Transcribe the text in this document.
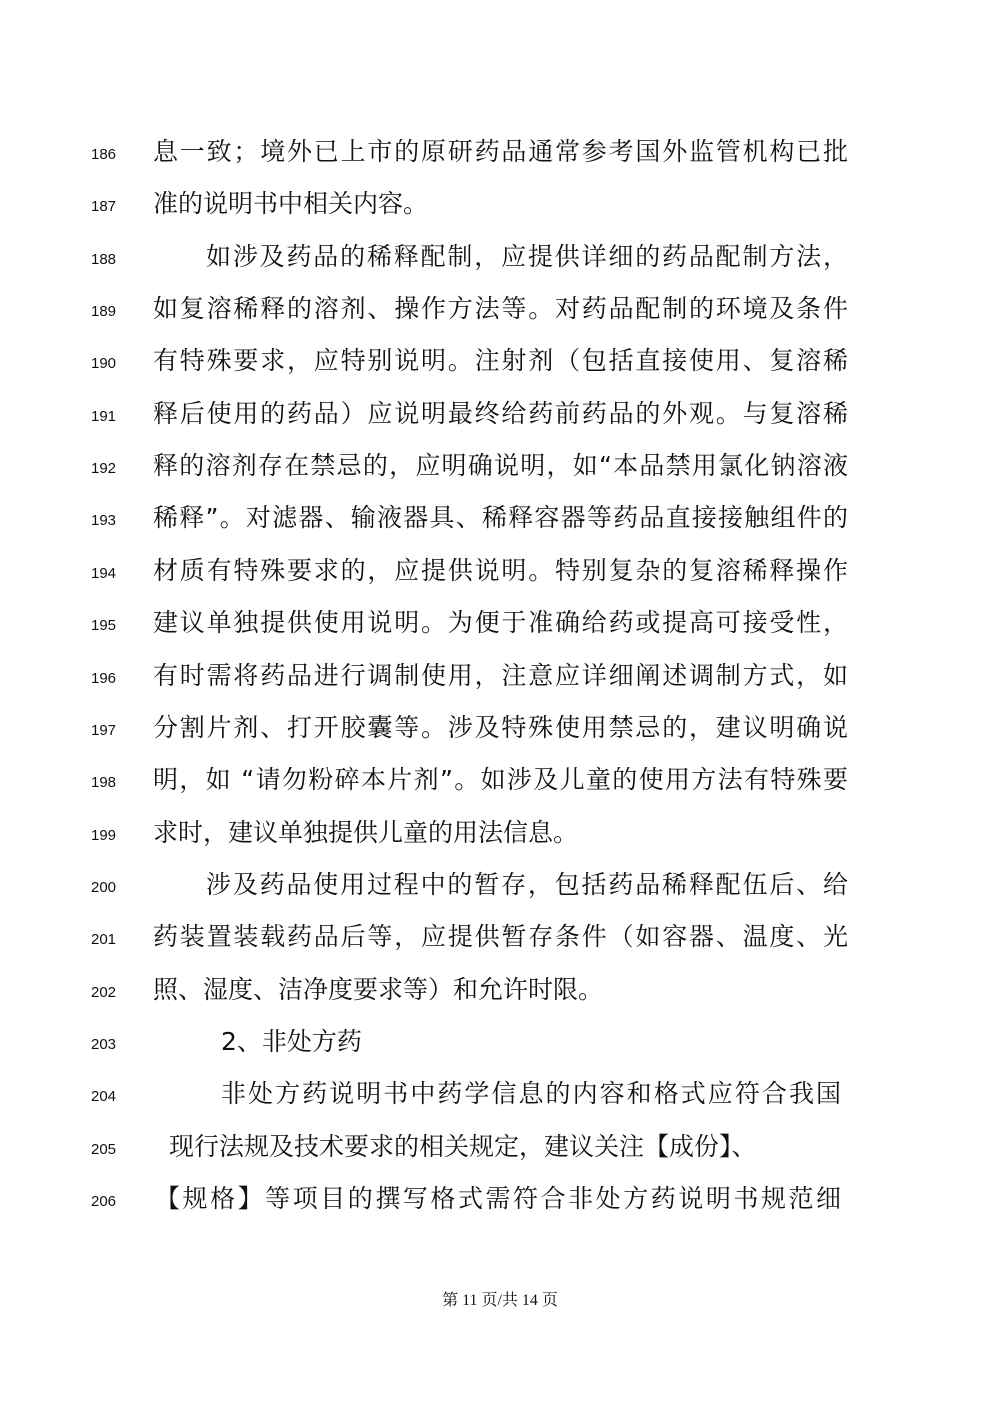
186	息一致；境外已上市的原研药品通常参考国外监管机构已批
187	准的说明书中相关内容。
188	如涉及药品的稀释配制，应提供详细的药品配制方法，
189	如复溶稀释的溶剂、操作方法等。对药品配制的环境及条件
190	有特殊要求，应特别说明。注射剂（包括直接使用、复溶稀
191	释后使用的药品）应说明最终给药前药品的外观。与复溶稀
192	释的溶剂存在禁忌的，应明确说明，如“本品禁用氯化钠溶液
193	稀释”。对滤器、输液器具、稀释容器等药品直接接触组件的
194	材质有特殊要求的，应提供说明。特别复杂的复溶稀释操作
195	建议单独提供使用说明。为便于准确给药或提高可接受性，
196	有时需将药品进行调制使用，注意应详细阐述调制方式，如
197	分割片剂、打开胶囊等。涉及特殊使用禁忌的，建议明确说
198	明，如 “请勿粉碎本片剂”。如涉及儿童的使用方法有特殊要
199	求时，建议单独提供儿童的用法信息。
200	涉及药品使用过程中的暂存，包括药品稀释配伍后、给
201	药装置装载药品后等，应提供暂存条件（如容器、温度、光
202	照、湿度、洁净度要求等）和允许时限。
203	2、非处方药
204	非处方药说明书中药学信息的内容和格式应符合我国
205	现行法规及技术要求的相关规定，建议关注【成份】、
206	【规格】等项目的撰写格式需符合非处方药说明书规范细
第 11 页/共 14 页
